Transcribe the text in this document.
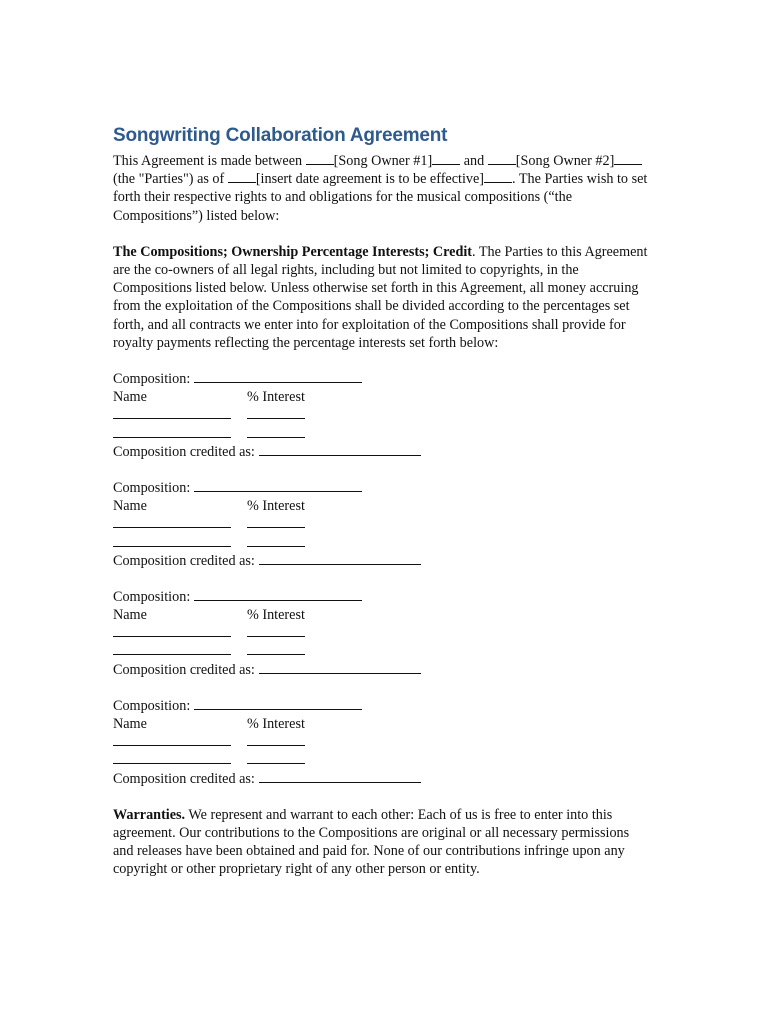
Songwriting Collaboration Agreement

This Agreement is made between [Song Owner #1] and [Song Owner #2] (the "Parties") as of [insert date agreement is to be effective] . The Parties wish to set forth their respective rights to and obligations for the musical compositions (“the Compositions”) listed below:

The Compositions; Ownership Percentage Interests; Credit. The Parties to this Agreement are the co-owners of all legal rights, including but not limited to copyrights, in the Compositions listed below. Unless otherwise set forth in this Agreement, all money accruing from the exploitation of the Compositions shall be divided according to the percentages set forth, and all contracts we enter into for exploitation of the Compositions shall provide for royalty payments reflecting the percentage interests set forth below:

Composition:
Name	% Interest
Composition credited as:
Composition:
Name	% Interest
Composition credited as:
Composition:
Name	% Interest
Composition credited as:
Composition:
Name	% Interest
Composition credited as:

Warranties. We represent and warrant to each other: Each of us is free to enter into this agreement. Our contributions to the Compositions are original or all necessary permissions and releases have been obtained and paid for. None of our contributions infringe upon any copyright or other proprietary right of any other person or entity.
